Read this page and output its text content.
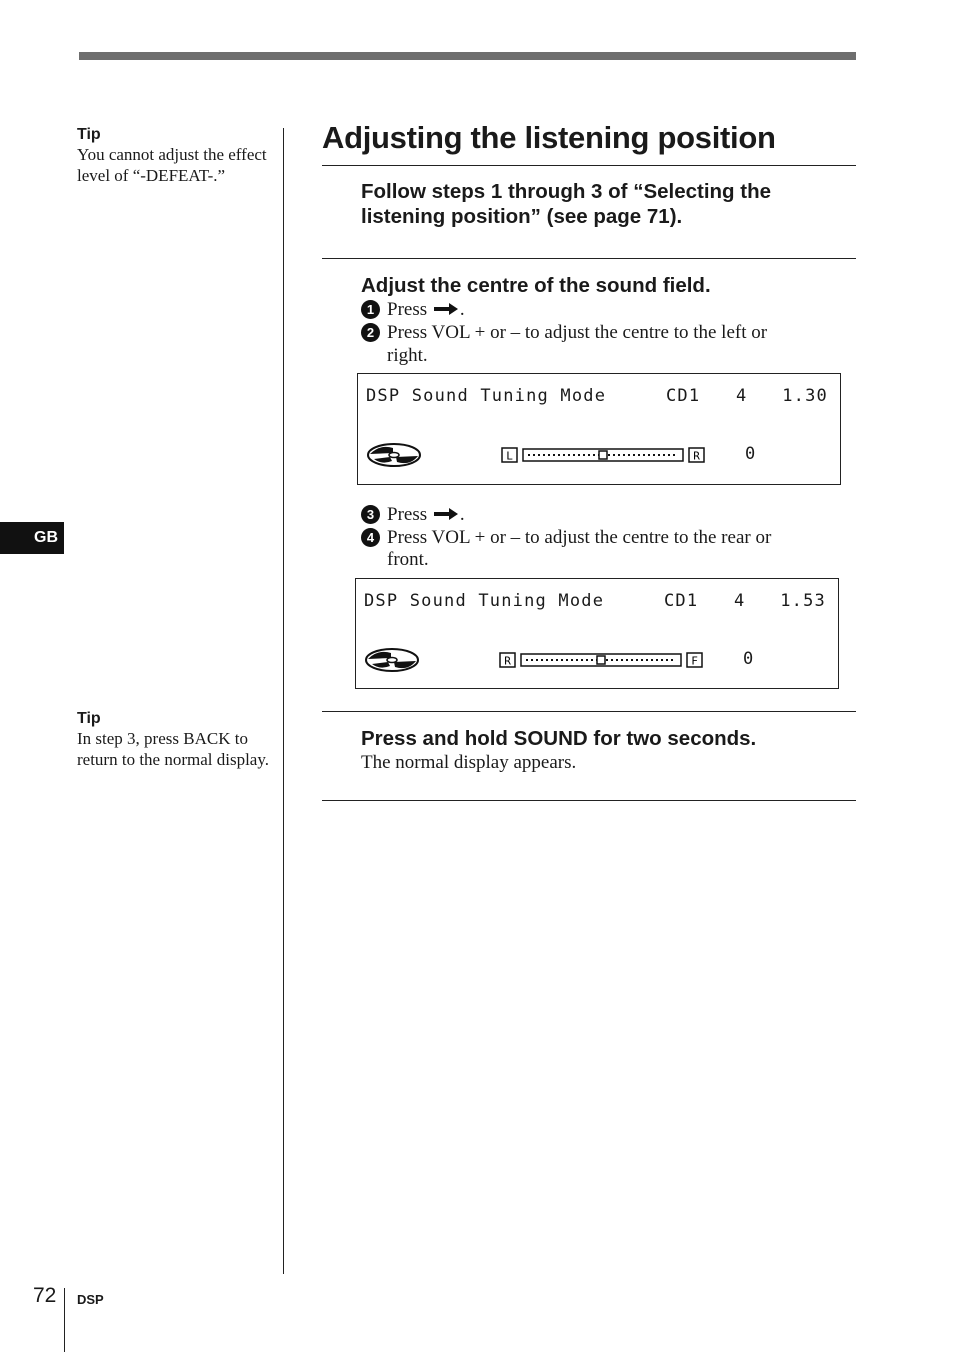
Tip
You cannot adjust the effect level of “-DEFEAT-.”
GB
Tip
In step 3, press BACK to return to the normal display.
Adjusting the listening position
Follow steps 1 through 3 of “Selecting the listening position” (see page 71).
Adjust the centre of the sound field.
1 Press .
2 Press VOL + or – to adjust the centre to the left or
right.
DSP Sound Tuning Mode	CD1	4	1.30
L	R	0
3 Press .
4 Press VOL + or – to adjust the centre to the rear or
front.
DSP Sound Tuning Mode	CD1	4	1.53
R	F	0
Press and hold SOUND for two seconds.
The normal display appears.
72 DSP
